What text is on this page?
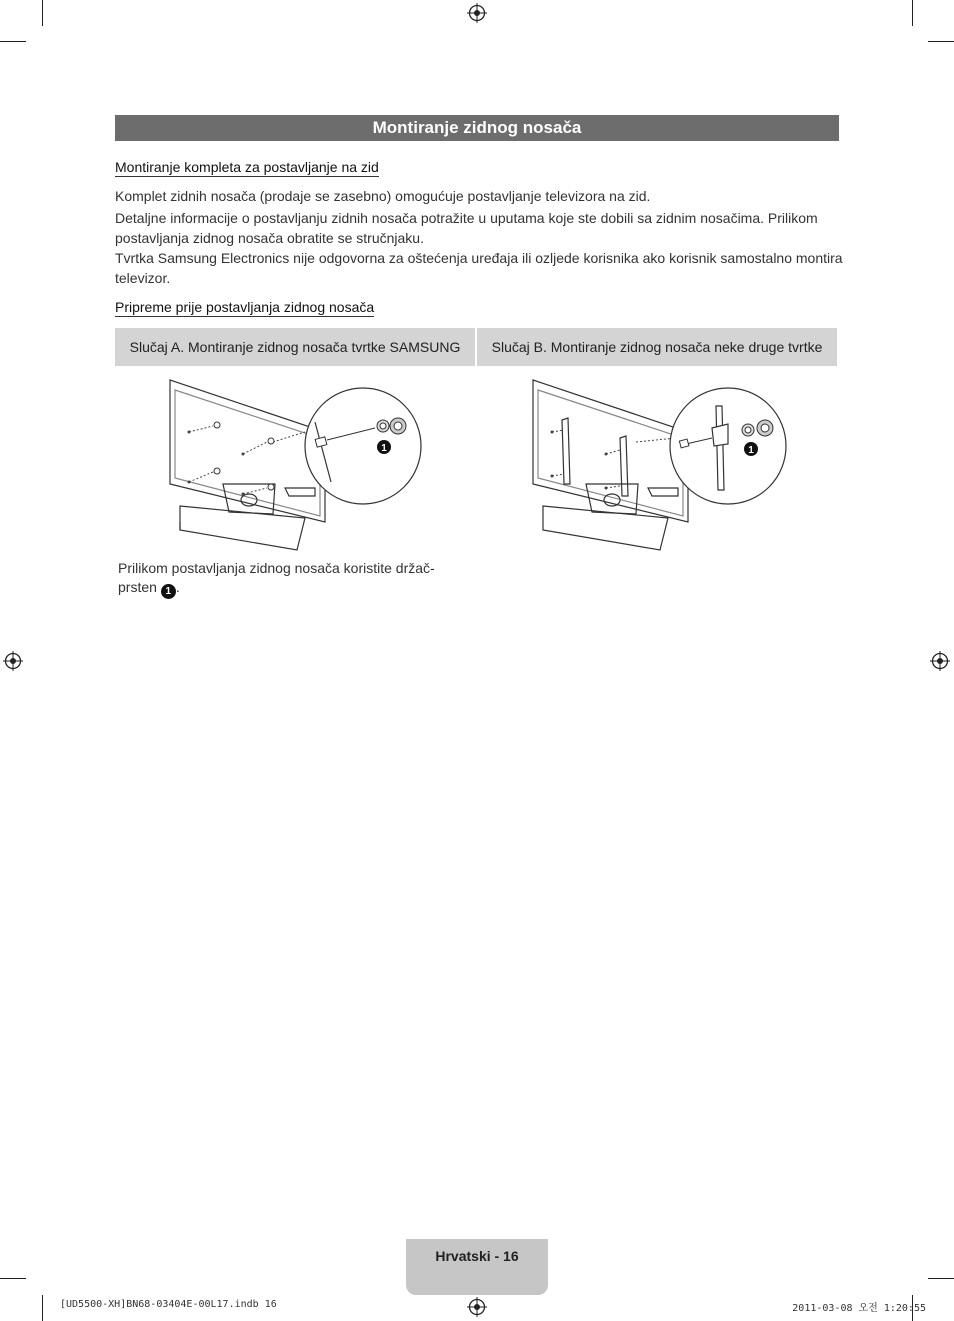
Montiranje zidnog nosača
Montiranje kompleta za postavljanje na zid

Komplet zidnih nosača (prodaje se zasebno) omogućuje postavljanje televizora na zid.

Detaljne informacije o postavljanju zidnih nosača potražite u uputama koje ste dobili sa zidnim nosačima. Prilikom postavljanja zidnog nosača obratite se stručnjaku.

Tvrtka Samsung Electronics nije odgovorna za oštećenja uređaja ili ozljede korisnika ako korisnik samostalno montira televizor.

Pripreme prije postavljanja zidnog nosača
Slučaj A. Montiranje zidnog nosača tvrtke SAMSUNG Slučaj B. Montiranje zidnog nosača neke druge tvrtke
1	1
Prilikom postavljanja zidnog nosača koristite držač-prsten 1 .
Hrvatski - 16
[UD5500-XH]BN68-03404E-00L17.indb 16	2011-03-08 오전 1:20:55
